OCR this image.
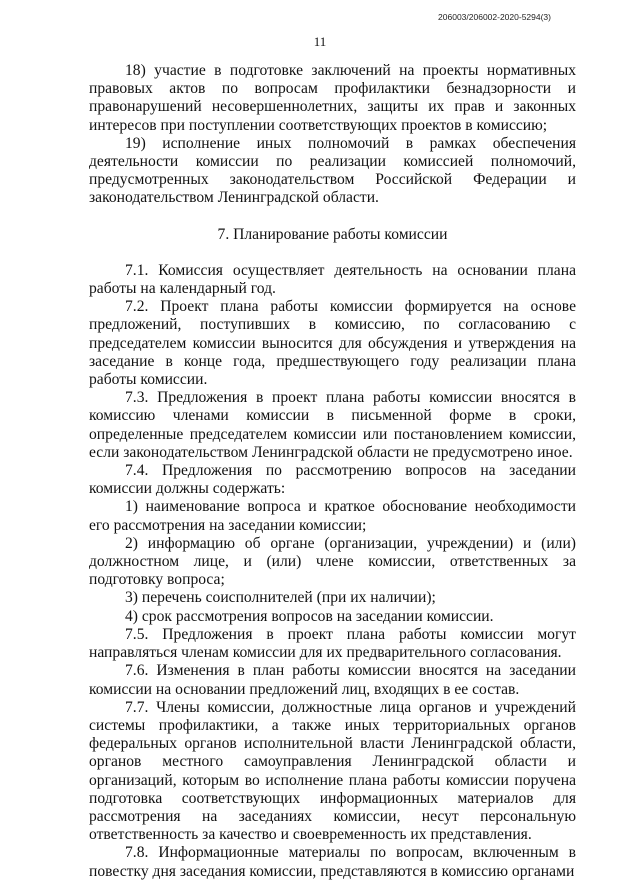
206003/206002-2020-5294(3)
11

18) участие в подготовке заключений на проекты нормативных правовых актов по вопросам профилактики безнадзорности и правонарушений несовершеннолетних, защиты их прав и законных интересов при поступлении соответствующих проектов в комиссию;

19) исполнение иных полномочий в рамках обеспечения деятельности комиссии по реализации комиссией полномочий, предусмотренных законодательством Российской Федерации и законодательством Ленинградской области.

7. Планирование работы комиссии

7.1. Комиссия осуществляет деятельность на основании плана работы на календарный год.

7.2. Проект плана работы комиссии формируется на основе предложений, поступивших в комиссию, по согласованию с председателем комиссии выносится для обсуждения и утверждения на заседание в конце года, предшествующего году реализации плана работы комиссии.

7.3. Предложения в проект плана работы комиссии вносятся в комиссию членами комиссии в письменной форме в сроки, определенные председателем комиссии или постановлением комиссии, если законодательством Ленинградской области не предусмотрено иное.

7.4. Предложения по рассмотрению вопросов на заседании комиссии должны содержать:

1) наименование вопроса и краткое обоснование необходимости его рассмотрения на заседании комиссии;

2) информацию об органе (организации, учреждении) и (или) должностном лице, и (или) члене комиссии, ответственных за подготовку вопроса;

3) перечень соисполнителей (при их наличии);

4) срок рассмотрения вопросов на заседании комиссии.

7.5. Предложения в проект плана работы комиссии могут направляться членам комиссии для их предварительного согласования.

7.6. Изменения в план работы комиссии вносятся на заседании комиссии на основании предложений лиц, входящих в ее состав.

7.7. Члены комиссии, должностные лица органов и учреждений системы профилактики, а также иных территориальных органов федеральных органов исполнительной власти Ленинградской области, органов местного самоуправления Ленинградской области и организаций, которым во исполнение плана работы комиссии поручена подготовка соответствующих информационных материалов для рассмотрения на заседаниях комиссии, несут персональную ответственность за качество и своевременность их представления.

7.8. Информационные материалы по вопросам, включенным в повестку дня заседания комиссии, представляются в комиссию органами
